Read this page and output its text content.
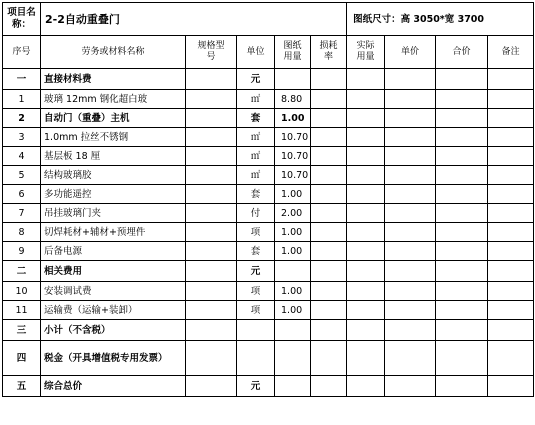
项目名称：	2-2自动重叠门					图纸尺寸：高 3050*宽 3700			
序号	劳务或材料名称	规格型号	单位	图纸用量	损耗率	实际用量	单价	合价	备注
一	直接材料费		元						
1	玻璃 12mm 钢化超白玻		㎡	8.80					
2	自动门（重叠）主机		套	1.00					
3	1.0mm 拉丝不锈钢		㎡	10.70					
4	基层板 18 厘		㎡	10.70					
5	结构玻璃胶		㎡	10.70					
6	多功能遥控		套	1.00					
7	吊挂玻璃门夹		付	2.00					
8	切焊耗材+辅材+预埋件		项	1.00					
9	后备电源		套	1.00					
二	相关费用		元						
10	安装调试费		项	1.00					
11	运输费（运输+装卸）		项	1.00					
三	小计（不含税）								
四	税金（开具增值税专用发票）								
五	综合总价		元						
